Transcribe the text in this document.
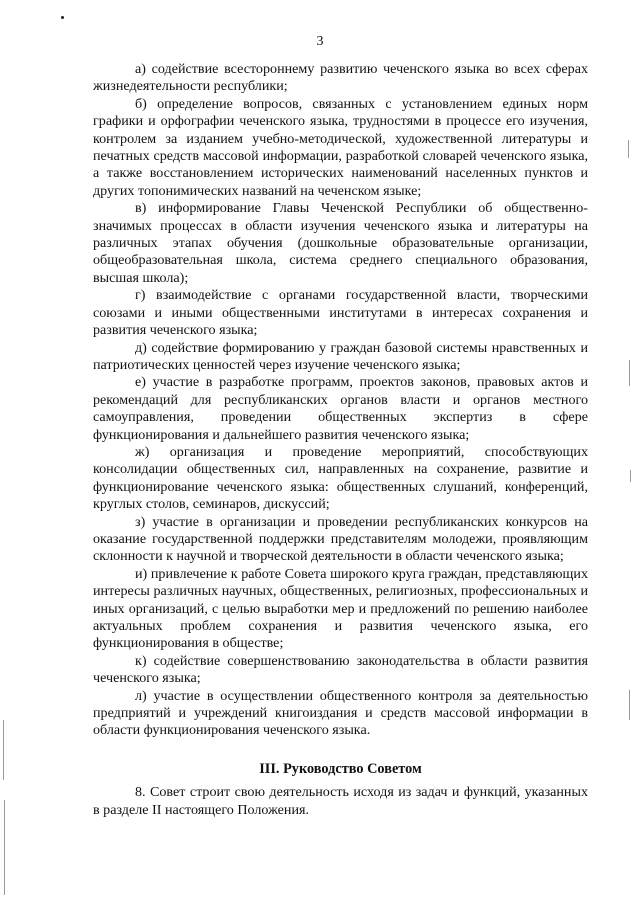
3

а) содействие всестороннему развитию чеченского языка во всех сферах жизнедеятельности республики;

б) определение вопросов, связанных с установлением единых норм графики и орфографии чеченского языка, трудностями в процессе его изучения, контролем за изданием учебно-методической, художественной литературы и печатных средств массовой информации, разработкой словарей чеченского языка, а также восстановлением исторических наименований населенных пунктов и других топонимических названий на чеченском языке;

в) информирование Главы Чеченской Республики об общественно-значимых процессах в области изучения чеченского языка и литературы на различных этапах обучения (дошкольные образовательные организации, общеобразовательная школа, система среднего специального образования, высшая школа);

г) взаимодействие с органами государственной власти, творческими союзами и иными общественными институтами в интересах сохранения и развития чеченского языка;

д) содействие формированию у граждан базовой системы нравственных и патриотических ценностей через изучение чеченского языка;

е) участие в разработке программ, проектов законов, правовых актов и рекомендаций для республиканских органов власти и органов местного самоуправления, проведении общественных экспертиз в сфере функционирования и дальнейшего развития чеченского языка;

ж) организация и проведение мероприятий, способствующих консолидации общественных сил, направленных на сохранение, развитие и функционирование чеченского языка: общественных слушаний, конференций, круглых столов, семинаров, дискуссий;

з) участие в организации и проведении республиканских конкурсов на оказание государственной поддержки представителям молодежи, проявляющим склонности к научной и творческой деятельности в области чеченского языка;

и) привлечение к работе Совета широкого круга граждан, представляющих интересы различных научных, общественных, религиозных, профессиональных и иных организаций, с целью выработки мер и предложений по решению наиболее актуальных проблем сохранения и развития чеченского языка, его функционирования в обществе;

к) содействие совершенствованию законодательства в области развития чеченского языка;

л) участие в осуществлении общественного контроля за деятельностью предприятий и учреждений книгоиздания и средств массовой информации в области функционирования чеченского языка.

III. Руководство Советом

8. Совет строит свою деятельность исходя из задач и функций, указанных в разделе II настоящего Положения.
